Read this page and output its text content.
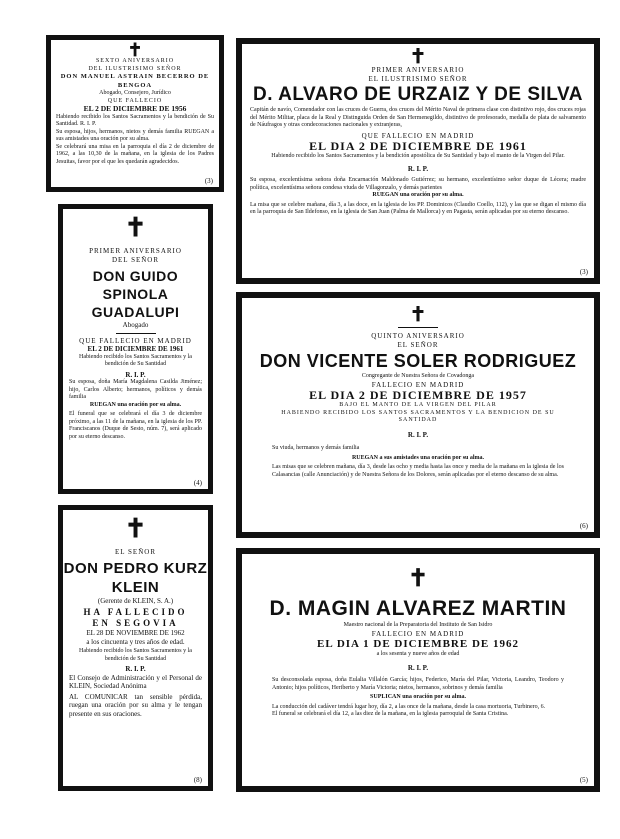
✝
SEXTO ANIVERSARIO
DEL ILUSTRISIMO SEÑOR
DON MANUEL ASTRAIN BECERRO DE BENGOA
Abogado, Consejero, Jurídico
QUE FALLECIO
EL 2 DE DICIEMBRE DE 1956
Habiendo recibido los Santos Sacramentos y la bendición de Su Santidad. R. I. P.
Su esposa, hijos, hermanos, nietos y demás familia RUEGAN a sus amistades una oración por su alma.
Se celebrará una misa en la parroquia el día 2 de diciembre de 1962, a las 10,30 de la mañana, en la iglesia de los Padres Jesuitas, favor por el que les quedarán agradecidos.
(3)
✝
PRIMER ANIVERSARIO
DEL SEÑOR
DON GUIDO SPINOLA
GUADALUPI
Abogado
QUE FALLECIO EN MADRID
EL 2 DE DICIEMBRE DE 1961
Habiendo recibido los Santos Sacramentos y la bendición de Su Santidad
R. I. P.
Su esposa, doña María Magdalena Casilda Jiménez; hijo, Carlos Alberto; hermanos, políticos y demás familia
RUEGAN una oración por su alma.
El funeral que se celebrará el día 3 de diciembre próximo, a las 11 de la mañana, en la iglesia de los PP. Franciscanos (Duque de Sesto, núm. 7), será aplicado por su eterno descanso.
(4)
✝
EL SEÑOR
DON PEDRO KURZ
KLEIN
(Gerente de KLEIN, S. A.)
HA FALLECIDO
EN SEGOVIA
EL 28 DE NOVIEMBRE DE 1962
a los cincuenta y tres años de edad.
Habiendo recibido los Santos Sacramentos y la bendición de Su Santidad
R. I. P.
El Consejo de Administración y el Personal de KLEIN, Sociedad Anónima
AL COMUNICAR tan sensible pérdida, ruegan una oración por su alma y le tengan presente en sus oraciones.
(8)
✝
PRIMER ANIVERSARIO
EL ILUSTRISIMO SEÑOR
D. ALVARO DE URZAIZ Y DE SILVA
Capitán de navío, Comendador con las cruces de Guerra, dos cruces del Mérito Naval de primera clase con distintivo rojo, dos cruces rojas del Mérito Militar, placa de la Real y Distinguida Orden de San Hermenegildo, distintivo de profesorado, medalla de plata de salvamento de Náufragos y otras condecoraciones nacionales y extranjeras,
QUE FALLECIO EN MADRID
EL DIA 2 DE DICIEMBRE DE 1961
Habiendo recibido los Santos Sacramentos y la bendición apostólica de Su Santidad y bajo el manto de la Virgen del Pilar.
R. I. P.
Su esposa, excelentísima señora doña Encarnación Maldonado Gutiérrez; su hermano, excelentísimo señor duque de Lécera; madre política, excelentísima señora condesa viuda de Villagonzalo, y demás parientes
RUEGAN una oración por su alma.
La misa que se celebre mañana, día 3, a las doce, en la iglesia de los PP. Dominicos (Claudio Coello, 112), y las que se digan el mismo día en la parroquia de San Ildefonso, en la iglesia de San Juan (Palma de Mallorca) y en Pagasta, serán aplicadas por su eterno descanso.
(3)
✝
QUINTO ANIVERSARIO
EL SEÑOR
DON VICENTE SOLER RODRIGUEZ
Congregante de Nuestra Señora de Covadonga
FALLECIO EN MADRID
EL DIA 2 DE DICIEMBRE DE 1957
BAJO EL MANTO DE LA VIRGEN DEL PILAR
HABIENDO RECIBIDO LOS SANTOS SACRAMENTOS Y LA BENDICION DE SU SANTIDAD
R. I. P.
Su viuda, hermanos y demás familia
RUEGAN a sus amistades una oración por su alma.
Las misas que se celebren mañana, día 3, desde las ocho y media hasta las once y media de la mañana en la iglesia de los Calasancias (calle Anunciación) y de Nuestra Señora de los Dolores, serán aplicadas por el eterno descanso de su alma.
(6)
✝
D. MAGIN ALVAREZ MARTIN
Maestro nacional de la Preparatoria del Instituto de San Isidro
FALLECIO EN MADRID
EL DIA 1 DE DICIEMBRE DE 1962
a los sesenta y nueve años de edad
R. I. P.
Su desconsolada esposa, doña Eulalia Villalón García; hijos, Federico, María del Pilar, Victoria, Leandro, Teodoro y Antonio; hijos políticos, Heriberto y María Victoria; nietos, hermanos, sobrinos y demás familia
SUPLICAN una oración por su alma.
La conducción del cadáver tendrá lugar hoy, día 2, a las once de la mañana, desde la casa mortuoria, Turbinero, 6.
El funeral se celebrará el día 12, a las diez de la mañana, en la iglesia parroquial de Santa Cristina.
(5)
